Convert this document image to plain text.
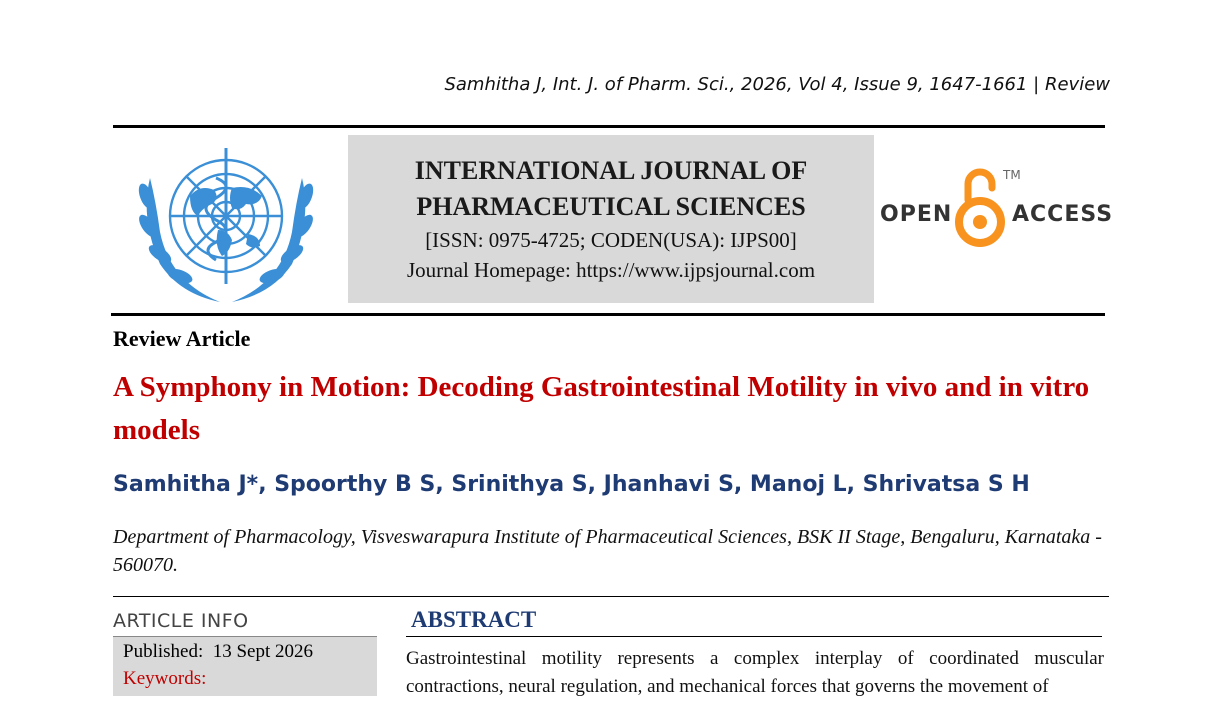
Samhitha J, Int. J. of Pharm. Sci., 2026, Vol 4, Issue 9, 1647-1661 | Review
INTERNATIONAL JOURNAL OF
PHARMACEUTICAL SCIENCES
[ISSN: 0975-4725; CODEN(USA): IJPS00]
Journal Homepage: https://www.ijpsjournal.com
OPEN
TM
ACCESS
Review Article
A Symphony in Motion: Decoding Gastrointestinal Motility in vivo and in vitro models
Samhitha J*, Spoorthy B S, Srinithya S, Jhanhavi S, Manoj L, Shrivatsa S H
Department of Pharmacology, Visveswarapura Institute of Pharmaceutical Sciences, BSK II Stage, Bengaluru, Karnataka - 560070.
ARTICLE INFO
Published: 13 Sept 2026
Keywords:
ABSTRACT
Gastrointestinal motility represents a complex interplay of coordinated muscular contractions, neural regulation, and mechanical forces that governs the movement of
